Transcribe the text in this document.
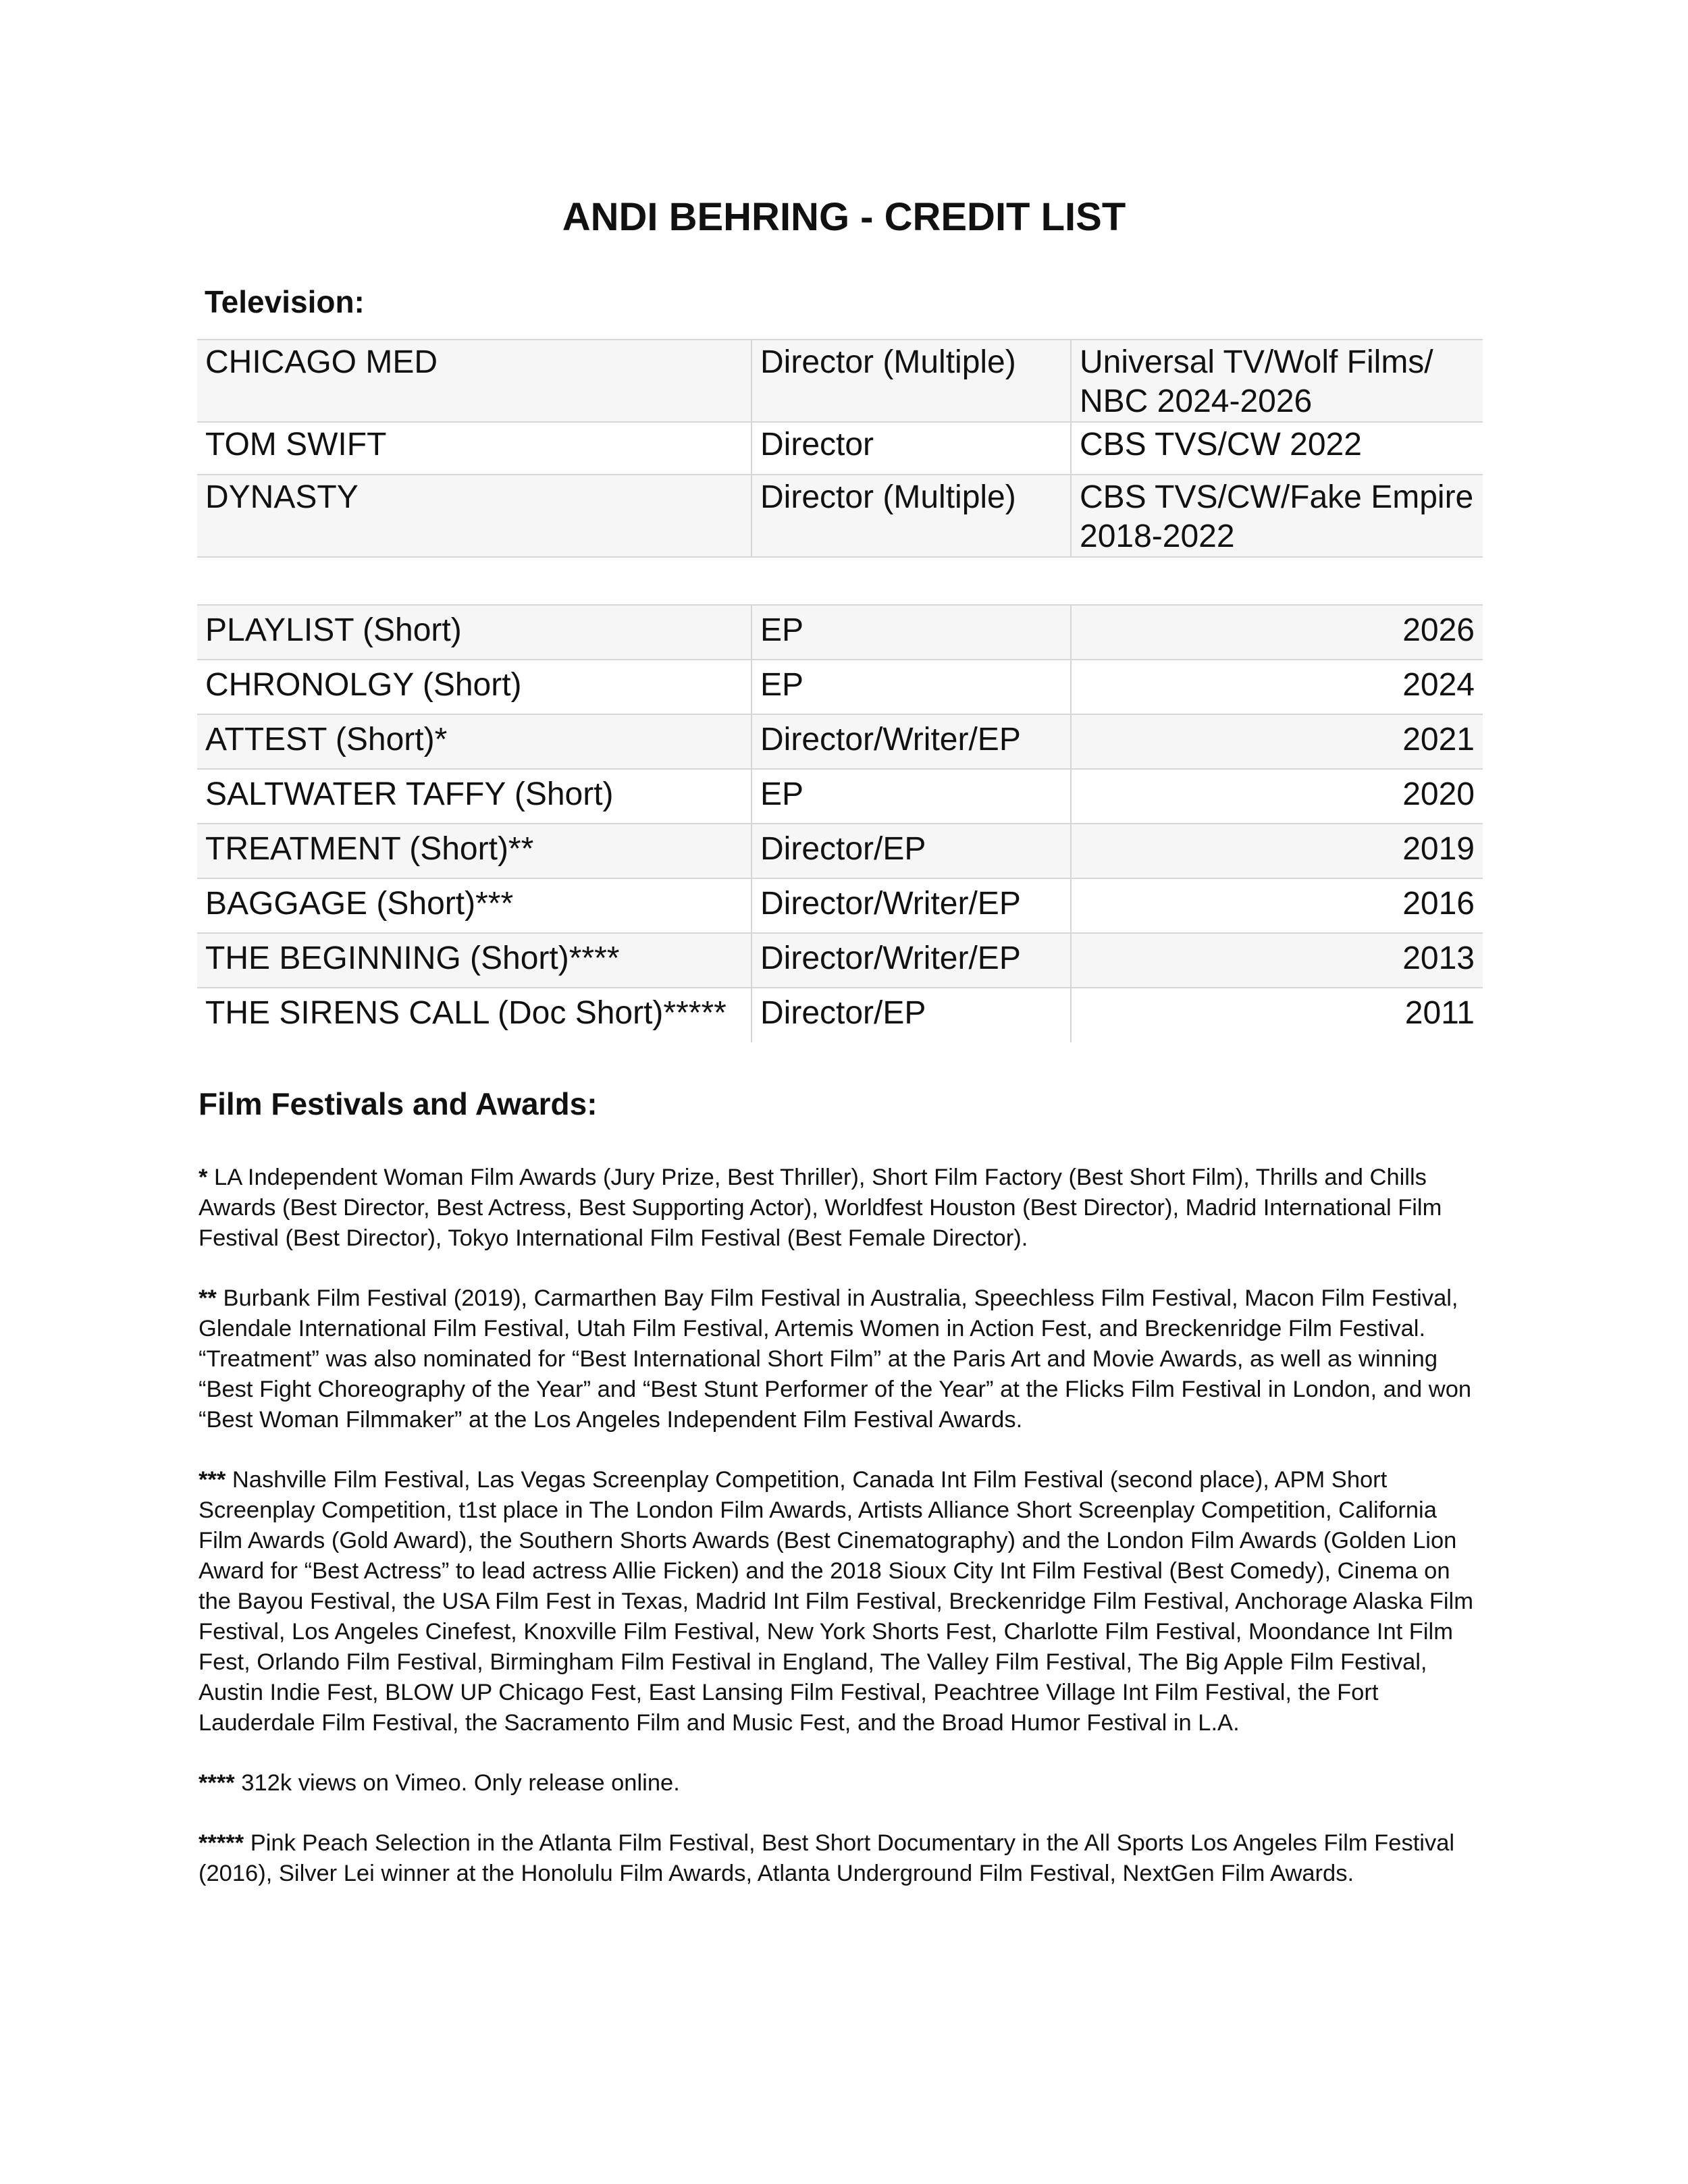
ANDI BEHRING - CREDIT LIST
Television:
CHICAGO MED	Director (Multiple)	Universal TV/Wolf Films/ NBC 2024-2026
TOM SWIFT	Director	CBS TVS/CW 2022
DYNASTY	Director (Multiple)	CBS TVS/CW/Fake Empire 2018-2022
PLAYLIST (Short)	EP	2026
CHRONOLGY (Short)	EP	2024
ATTEST (Short)*	Director/Writer/EP	2021
SALTWATER TAFFY (Short)	EP	2020
TREATMENT (Short)**	Director/EP	2019
BAGGAGE (Short)***	Director/Writer/EP	2016
THE BEGINNING (Short)****	Director/Writer/EP	2013
THE SIRENS CALL (Doc Short)*****	Director/EP	2011
Film Festivals and Awards:

* LA Independent Woman Film Awards (Jury Prize, Best Thriller), Short Film Factory (Best Short Film), Thrills and Chills Awards (Best Director, Best Actress, Best Supporting Actor), Worldfest Houston (Best Director), Madrid International Film Festival (Best Director), Tokyo International Film Festival (Best Female Director).

** Burbank Film Festival (2019), Carmarthen Bay Film Festival in Australia, Speechless Film Festival, Macon Film Festival, Glendale International Film Festival, Utah Film Festival, Artemis Women in Action Fest, and Breckenridge Film Festival. “Treatment” was also nominated for “Best International Short Film” at the Paris Art and Movie Awards, as well as winning “Best Fight Choreography of the Year” and “Best Stunt Performer of the Year” at the Flicks Film Festival in London, and won “Best Woman Filmmaker” at the Los Angeles Independent Film Festival Awards.

*** Nashville Film Festival, Las Vegas Screenplay Competition, Canada Int Film Festival (second place), APM Short Screenplay Competition, t1st place in The London Film Awards, Artists Alliance Short Screenplay Competition, California Film Awards (Gold Award), the Southern Shorts Awards (Best Cinematography) and the London Film Awards (Golden Lion Award for “Best Actress” to lead actress Allie Ficken) and the 2018 Sioux City Int Film Festival (Best Comedy), Cinema on the Bayou Festival, the USA Film Fest in Texas, Madrid Int Film Festival, Breckenridge Film Festival, Anchorage Alaska Film Festival, Los Angeles Cinefest, Knoxville Film Festival, New York Shorts Fest, Charlotte Film Festival, Moondance Int Film Fest, Orlando Film Festival, Birmingham Film Festival in England, The Valley Film Festival, The Big Apple Film Festival, Austin Indie Fest, BLOW UP Chicago Fest, East Lansing Film Festival, Peachtree Village Int Film Festival, the Fort Lauderdale Film Festival, the Sacramento Film and Music Fest, and the Broad Humor Festival in L.A.

**** 312k views on Vimeo. Only release online.

***** Pink Peach Selection in the Atlanta Film Festival, Best Short Documentary in the All Sports Los Angeles Film Festival (2016), Silver Lei winner at the Honolulu Film Awards, Atlanta Underground Film Festival, NextGen Film Awards.
